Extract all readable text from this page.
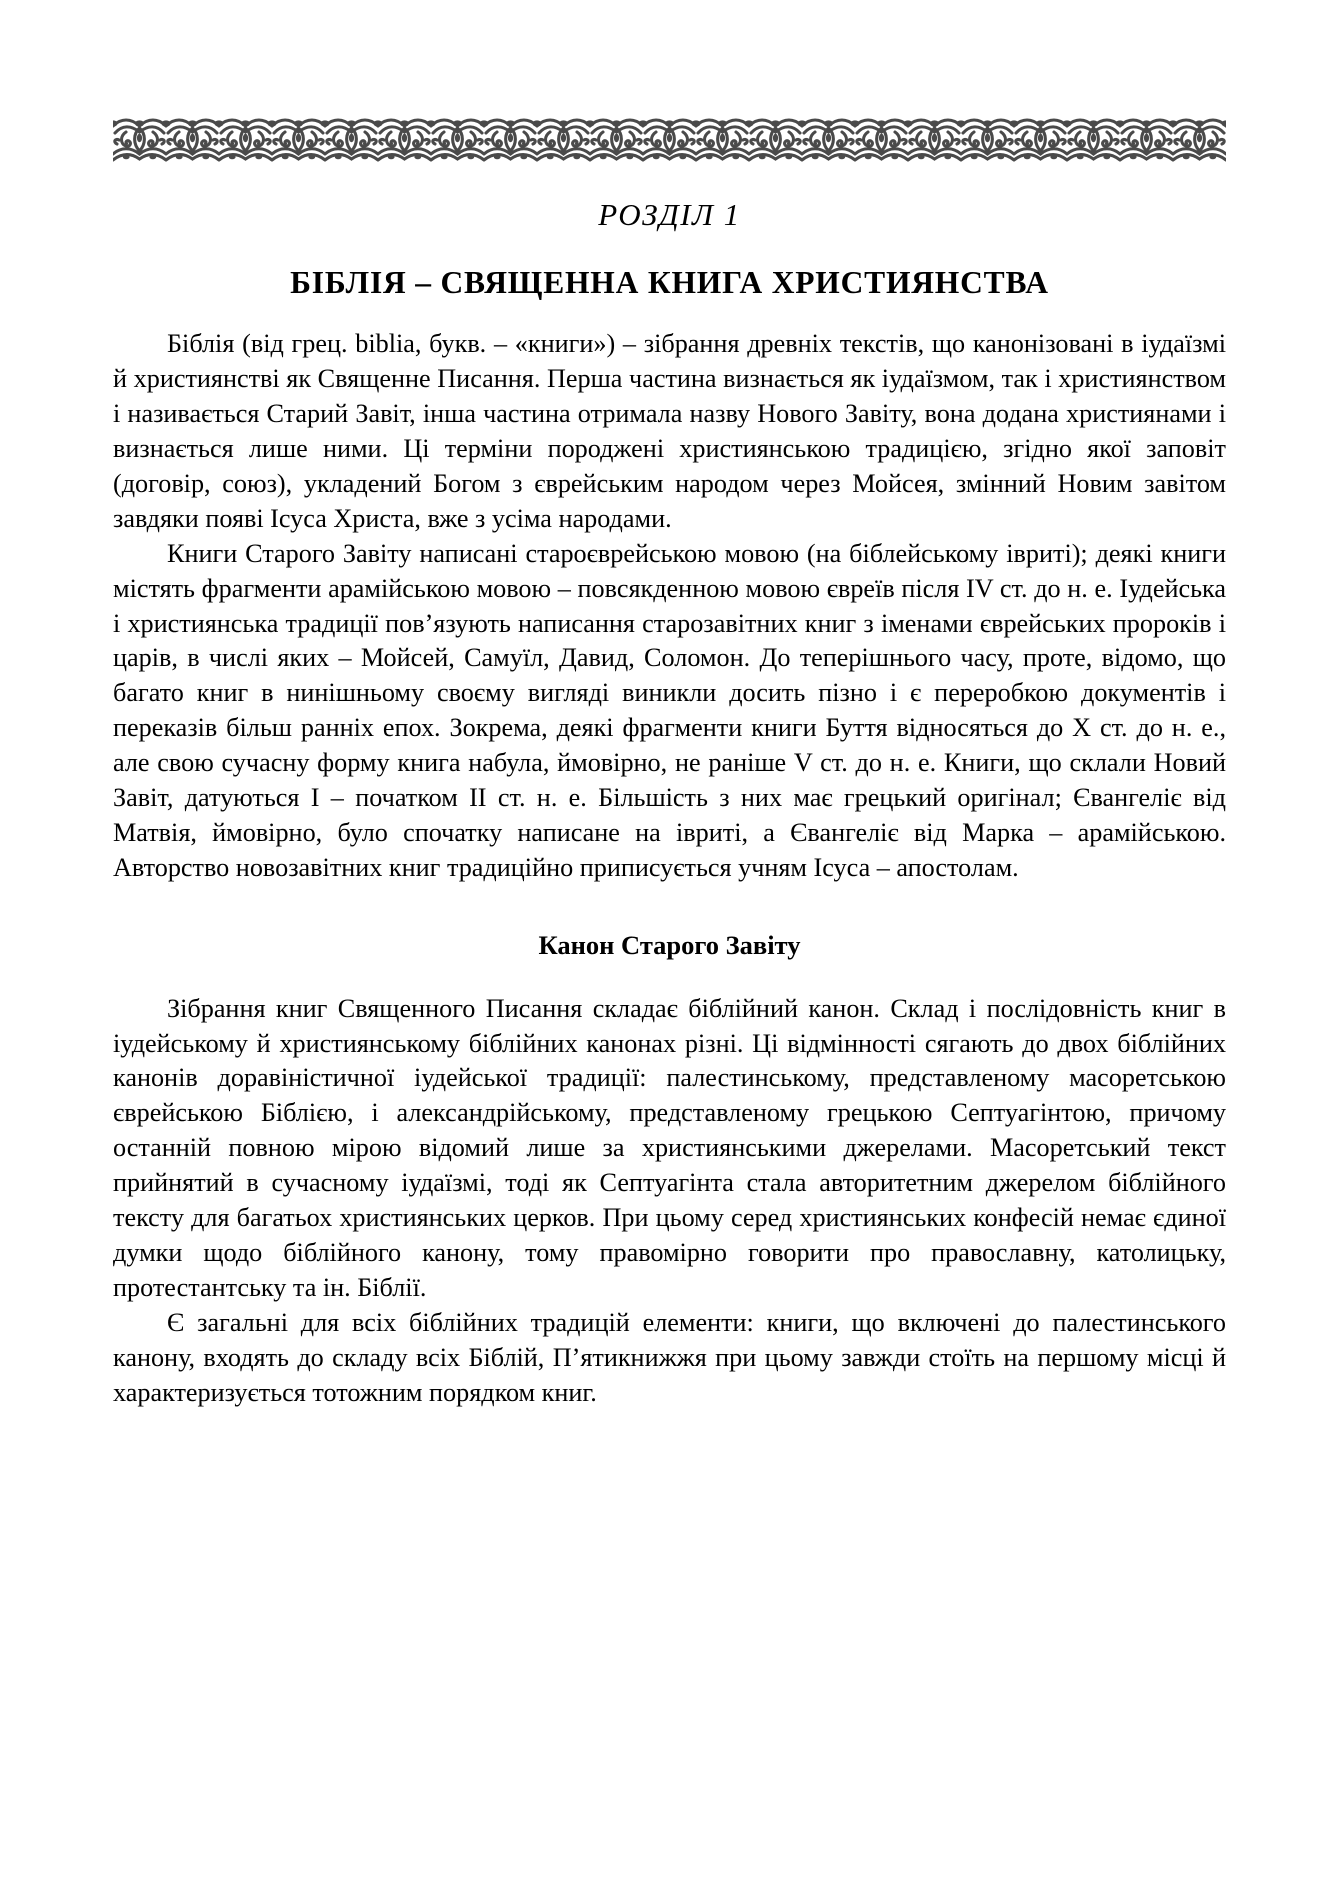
РОЗДІЛ 1
БІБЛІЯ – СВЯЩЕННА КНИГА ХРИСТИЯНСТВА

Біблія (від грец. biblia, букв. – «книги») – зібрання древніх текстів, що канонізовані в іудаїзмі й християнстві як Священне Писання. Перша частина визнається як іудаїзмом, так і християнством і називається Старий Завіт, інша частина отримала назву Нового Завіту, вона додана християнами і визнається лише ними. Ці терміни породжені християнською традицією, згідно якої заповіт (договір, союз), укладений Богом з єврейським народом через Мойсея, змінний Новим завітом завдяки появі Ісуса Христа, вже з усіма народами.

Книги Старого Завіту написані староєврейською мовою (на біблейському івриті); деякі книги містять фрагменти арамійською мовою – повсякденною мовою євреїв після IV ст. до н. е. Іудейська і християнська традиції пов’язують написання старозавітних книг з іменами єврейських пророків і царів, в числі яких – Мойсей, Самуїл, Давид, Соломон. До теперішнього часу, проте, відомо, що багато книг в нинішньому своєму вигляді виникли досить пізно і є переробкою документів і переказів більш ранніх епох. Зокрема, деякі фрагменти книги Буття відносяться до X ст. до н. е., але свою сучасну форму книга набула, ймовірно, не раніше V ст. до н. е. Книги, що склали Новий Завіт, датуються I – початком II ст. н. е. Більшість з них має грецький оригінал; Євангеліє від Матвія, ймовірно, було спочатку написане на івриті, а Євангеліє від Марка – арамійською. Авторство новозавітних книг традиційно приписується учням Ісуса – апостолам.

Канон Старого Завіту

Зібрання книг Священного Писання складає біблійний канон. Склад і послідовність книг в іудейському й християнському біблійних канонах різні. Ці відмінності сягають до двох біблійних канонів доравіністичної іудейської традиції: палестинському, представленому масоретською єврейською Біблією, і александрійському, представленому грецькою Септуагінтою, причому останній повною мірою відомий лише за християнськими джерелами. Масоретський текст прийнятий в сучасному іудаїзмі, тоді як Септуагінта стала авторитетним джерелом біблійного тексту для багатьох християнських церков. При цьому серед християнських конфесій немає єдиної думки щодо біблійного канону, тому правомірно говорити про православну, католицьку, протестантську та ін. Біблії.

Є загальні для всіх біблійних традицій елементи: книги, що включені до палестинського канону, входять до складу всіх Біблій, П’ятикнижжя при цьому завжди стоїть на першому місці й характеризується тотожним порядком книг.
